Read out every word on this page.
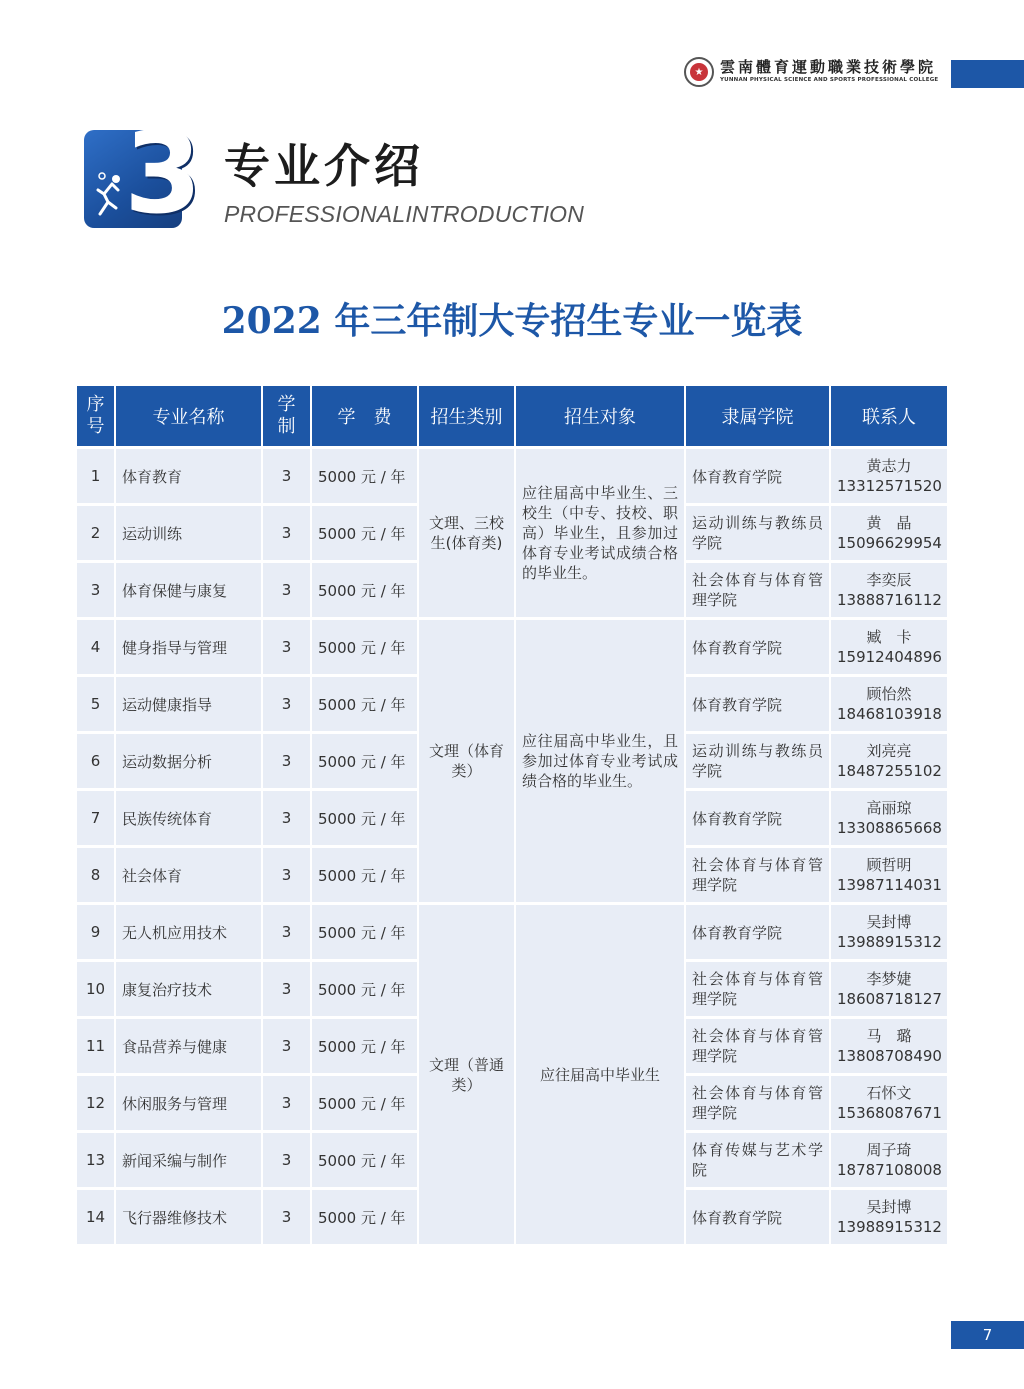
★	雲南體育運動職業技術學院
YUNNAN PHYSICAL SCIENCE AND SPORTS PROFESSIONAL COLLEGE
3 专业介绍
PROFESSIONALINTRODUCTION
2022 年三年制大专招生专业一览表
序号	专业名称	学制	学　费	招生类别	招生对象	隶属学院	联系人
1	体育教育	3	5000 元 / 年	文理、三校生(体育类)	应往届高中毕业生、三校生（中专、技校、职高）毕业生，且参加过体育专业考试成绩合格的毕业生。	体育教育学院	黄志力
13312571520

2	运动训练	3	5000 元 / 年			运动训练与教练员学院	黄　晶
15096629954

3	体育保健与康复	3	5000 元 / 年			社会体育与体育管理学院	李奕辰
13888716112

4	健身指导与管理	3	5000 元 / 年	文理（体育类）	应往届高中毕业生，且参加过体育专业考试成绩合格的毕业生。	体育教育学院	臧　卡
15912404896

5	运动健康指导	3	5000 元 / 年			体育教育学院	顾怡然
18468103918

6	运动数据分析	3	5000 元 / 年			运动训练与教练员学院	刘亮亮
18487255102

7	民族传统体育	3	5000 元 / 年			体育教育学院	高丽琼
13308865668

8	社会体育	3	5000 元 / 年			社会体育与体育管理学院	顾哲明
13987114031

9	无人机应用技术	3	5000 元 / 年	文理（普通类）	应往届高中毕业生	体育教育学院	吴封博
13988915312

10	康复治疗技术	3	5000 元 / 年			社会体育与体育管理学院	李梦婕
18608718127

11	食品营养与健康	3	5000 元 / 年			社会体育与体育管理学院	马　璐
13808708490

12	休闲服务与管理	3	5000 元 / 年			社会体育与体育管理学院	石怀文
15368087671

13	新闻采编与制作	3	5000 元 / 年			体育传媒与艺术学院	周子琦
18787108008

14	飞行器维修技术	3	5000 元 / 年			体育教育学院	吴封博
13988915312
7
